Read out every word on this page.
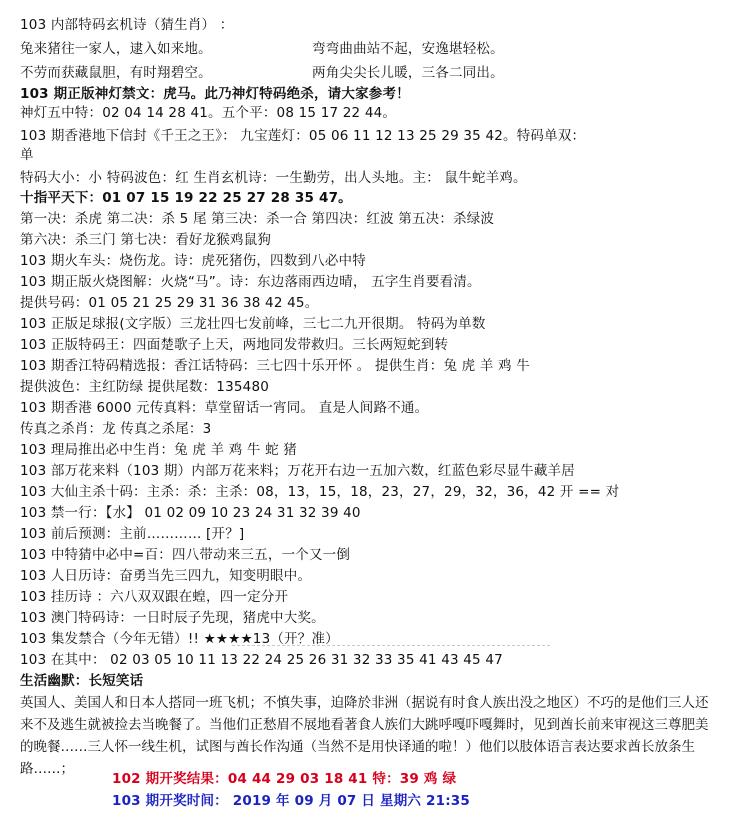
103 内部特码玄机诗（猜生肖） ：
兔来猪往一家人，逮入如来地。	弯弯曲曲站不起，安逸堪轻松。
不劳而获藏鼠胆，有时翔碧空。	两角尖尖长儿暖，三各二同出。
103 期正版神灯禁文：虎马。此乃神灯特码绝杀，请大家参考！
神灯五中特：02 04 14 28 41。五个平：08 15 17 22 44。
103 期香港地下信封《千王之王》： 九宝莲灯：05 06 11 12 13 25 29 35 42。特码单双：
单
特码大小：小 特码波色：红 生肖玄机诗：一生勤劳，出人头地。主： 鼠牛蛇羊鸡。
十指平天下：01 07 15 19 22 25 27 28 35 47。
第一决：杀虎 第二决：杀 5 尾 第三决：杀一合 第四决：红波 第五决：杀绿波
第六决：杀三门 第七决：看好龙猴鸡鼠狗
103 期火车头：烧伤龙。诗：虎死猪伤，四数到八必中特
103 期正版火烧图解：火烧“马”。诗：东边落雨西边晴， 五字生肖要看清。
提供号码：01 05 21 25 29 31 36 38 42 45。
103 正版足球报(文字版）三龙壮四七发前峰，三七二九开很期。 特码为单数
103 正版特码王：四面楚歌子上天，两地同发带救归。三长两短蛇到转
103 期香江特码精选报：香江话特码：三七四十乐开怀 。 提供生肖：兔 虎 羊 鸡 牛
提供波色：主红防绿 提供尾数：135480
103 期香港 6000 元传真料：草堂留话一宵同。 直是人间路不通。
传真之杀肖：龙 传真之杀尾：3
103 理局推出必中生肖：兔 虎 羊 鸡 牛 蛇 猪
103 部万花来料（103 期）内部万花来料；万花开右边一五加六数，红蓝色彩尽显牛藏羊居
103 大仙主杀十码：主杀：杀：主杀：08，13，15，18，23，27，29，32，36，42 开 == 对
103 禁一行：【水】 01 02 09 10 23 24 31 32 39 40
103 前后预测：主前………… [开？]
103 中特猜中必中=百：四八带动来三五，一个又一倒
103 人日历诗：奋勇当先三四九，知变明眼中。
103 挂历诗 ：六八双双跟在蝗，四一定分开
103 澳门特码诗：一日时辰子先现，猪虎中大奖。
103 集发禁合（今年无错）!! ★★★★13（开？准）
103 在其中： 02 03 05 10 11 13 22 24 25 26 31 32 33 35 41 43 45 47
生活幽默：长短笑话
英国人、美国人和日本人搭同一班飞机；不慎失事，迫降於非洲（据说有时食人族出没之地区）不巧的是他们三人还来不及逃生就被捡去当晚餐了。当他们正愁眉不展地看著食人族们大跳呼嘎吓嘎舞时，见到酋长前来审视这三尊肥美的晚餐……三人怀一线生机，试图与酋长作沟通（当然不是用快译通的啦！）他们以肢体语言表达要求酋长放条生路……；
102 期开奖结果：04 44 29 03 18 41 特：39 鸡 绿
103 期开奖时间： 2019 年 09 月 07 日 星期六 21:35
